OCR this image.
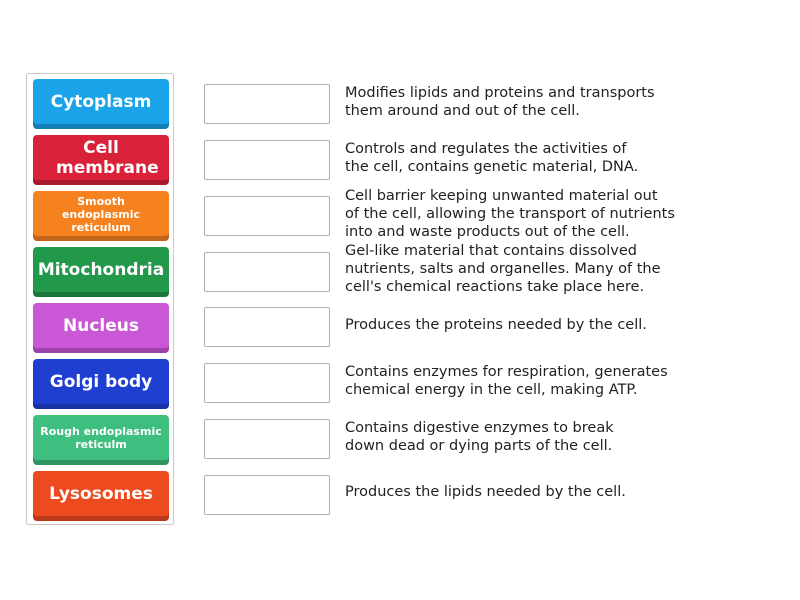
Cytoplasm
Cell membrane
Smooth endoplasmic reticulum
Mitochondria
Nucleus
Golgi body
Rough endoplasmic reticulm
Lysosomes
Modifies lipids and proteins and transports
them around and out of the cell.
Controls and regulates the activities of
the cell, contains genetic material, DNA.
Cell barrier keeping unwanted material out
of the cell, allowing the transport of nutrients
into and waste products out of the cell.
Gel-like material that contains dissolved
nutrients, salts and organelles. Many of the
cell's chemical reactions take place here.
Produces the proteins needed by the cell.
Contains enzymes for respiration, generates
chemical energy in the cell, making ATP.
Contains digestive enzymes to break
down dead or dying parts of the cell.
Produces the lipids needed by the cell.
